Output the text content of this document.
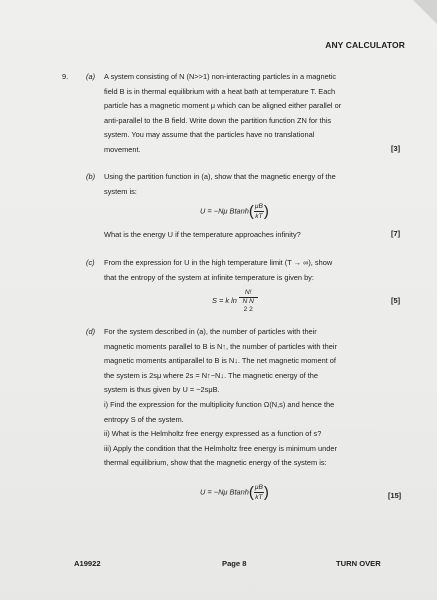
ANY CALCULATOR
9. (a) A system consisting of N (N>>1) non-interacting particles in a magnetic
field B is in thermal equilibrium with a heat bath at temperature T. Each
particle has a magnetic moment μ which can be aligned either parallel or
anti-parallel to the B field. Write down the partition function ZN for this
system. You may assume that the particles have no translational
movement.	[3]
(b) Using the partition function in (a), show that the magnetic energy of the
system is:
U = −Nμ $Btanh( \frac{\mu B}{kT}$ )
What is the energy U if the temperature approaches infinity?	[7]
(c) From the expression for U in the high temperature limit (T → ∞), show
that the entropy of the system at infinite temperature is given by:
S = k ln
N!
N N
2 2
[5]
(d) For the system described in (a), the number of particles with their
magnetic moments parallel to B is N↑, the number of particles with their
magnetic moments antiparallel to B is N↓. The net magnetic moment of
the system is 2sμ where 2s = N↑−N↓. The magnetic energy of the
system is thus given by U = −2sμB.
i) Find the expression for the multiplicity function Ω(N,s) and hence the
entropy S of the system.
ii) What is the Helmholtz free energy expressed as a function of s?
iii) Apply the condition that the Helmholtz free energy is minimum under
thermal equilibrium, show that the magnetic energy of the system is:
U = −Nμ $Btanh( \frac{\mu B}{kT}$ )	[15]
A19922	Page 8	TURN OVER
